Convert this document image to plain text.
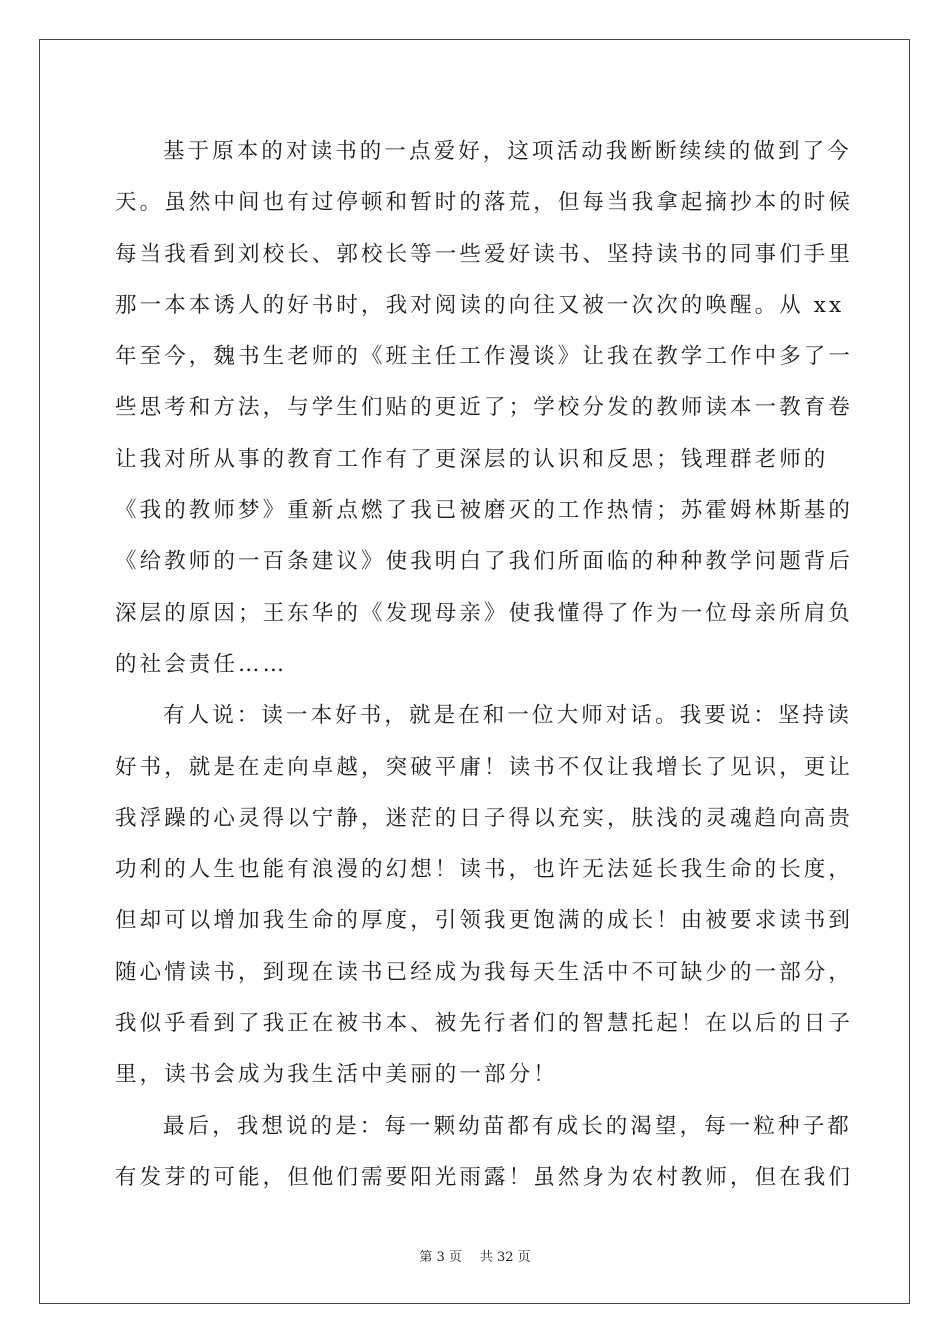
基于原本的对读书的一点爱好，这项活动我断断续续的做到了今
天。虽然中间也有过停顿和暂时的落荒，但每当我拿起摘抄本的时候
每当我看到刘校长、郭校长等一些爱好读书、坚持读书的同事们手里
那一本本诱人的好书时，我对阅读的向往又被一次次的唤醒。从 xx
年至今，魏书生老师的《班主任工作漫谈》让我在教学工作中多了一
些思考和方法，与学生们贴的更近了；学校分发的教师读本一教育卷
让我对所从事的教育工作有了更深层的认识和反思；钱理群老师的
《我的教师梦》重新点燃了我已被磨灭的工作热情；苏霍姆林斯基的
《给教师的一百条建议》使我明白了我们所面临的种种教学问题背后
深层的原因；王东华的《发现母亲》使我懂得了作为一位母亲所肩负
的社会责任……
有人说：读一本好书，就是在和一位大师对话。我要说：坚持读
好书，就是在走向卓越，突破平庸！读书不仅让我增长了见识，更让
我浮躁的心灵得以宁静，迷茫的日子得以充实，肤浅的灵魂趋向高贵
功利的人生也能有浪漫的幻想！读书，也许无法延长我生命的长度，
但却可以增加我生命的厚度，引领我更饱满的成长！由被要求读书到
随心情读书，到现在读书已经成为我每天生活中不可缺少的一部分，
我似乎看到了我正在被书本、被先行者们的智慧托起！在以后的日子
里，读书会成为我生活中美丽的一部分！
最后，我想说的是：每一颗幼苗都有成长的渴望，每一粒种子都
有发芽的可能，但他们需要阳光雨露！虽然身为农村教师，但在我们
第 3 页 共 32 页
